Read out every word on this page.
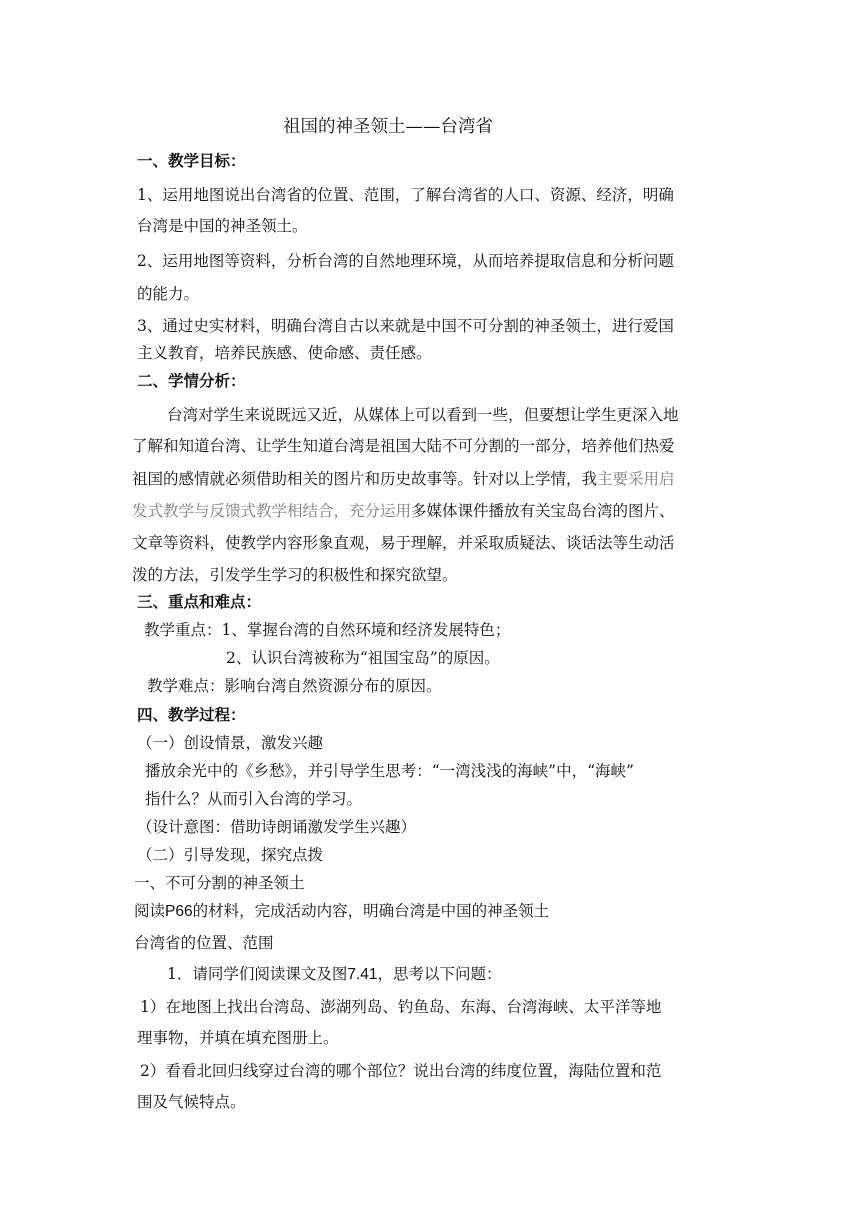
祖国的神圣领土——台湾省
一、教学目标：
1、运用地图说出台湾省的位置、范围，了解台湾省的人口、资源、经济，明确
台湾是中国的神圣领土。
2、运用地图等资料，分析台湾的自然地理环境，从而培养提取信息和分析问题
的能力。
3、通过史实材料，明确台湾自古以来就是中国不可分割的神圣领土，进行爱国
主义教育，培养民族感、使命感、责任感。
二、学情分析：
台湾对学生来说既远又近，从媒体上可以看到一些，但要想让学生更深入地
了解和知道台湾、让学生知道台湾是祖国大陆不可分割的一部分，培养他们热爱
祖国的感情就必须借助相关的图片和历史故事等。针对以上学情，我主要采用启
发式教学与反馈式教学相结合，充分运用多媒体课件播放有关宝岛台湾的图片、
文章等资料，使教学内容形象直观，易于理解，并采取质疑法、谈话法等生动活
泼的方法，引发学生学习的积极性和探究欲望。
三、重点和难点：
教学重点：1、掌握台湾的自然环境和经济发展特色；
2、认识台湾被称为“祖国宝岛”的原因。
教学难点：影响台湾自然资源分布的原因。
四、教学过程：
（一）创设情景，激发兴趣
播放余光中的《乡愁》，并引导学生思考：“一湾浅浅的海峡”中，“海峡”
指什么？从而引入台湾的学习。
（设计意图：借助诗朗诵激发学生兴趣）
（二）引导发现，探究点拨
一、不可分割的神圣领土
阅读P66的材料，完成活动内容，明确台湾是中国的神圣领土
台湾省的位置、范围
1．请同学们阅读课文及图7.41，思考以下问题：
1）在地图上找出台湾岛、澎湖列岛、钓鱼岛、东海、台湾海峡、太平洋等地
理事物，并填在填充图册上。
2）看看北回归线穿过台湾的哪个部位？说出台湾的纬度位置，海陆位置和范
围及气候特点。
